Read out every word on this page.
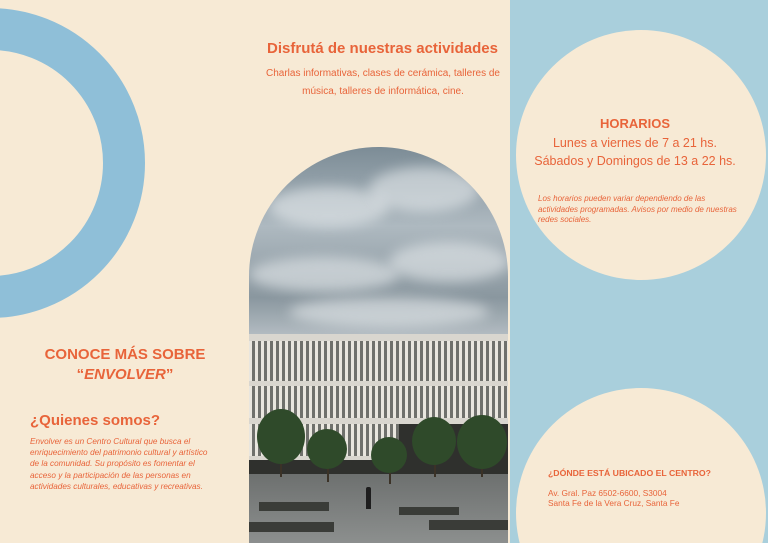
CONOCE MÁS SOBRE
“ENVOLVER”
¿Quienes somos?
Envolver es un Centro Cultural que busca el enriquecimiento del patrimonio cultural y artístico de la comunidad. Su propósito es fomentar el acceso y la participación de las personas en actividades culturales, educativas y recreativas.
Disfrutá de nuestras actividades
Charlas informativas, clases de cerámica, talleres de música, talleres de informática, cine.
HORARIOS
Lunes a viernes de 7 a 21 hs.
Sábados y Domingos de 13 a 22 hs.
Los horarios pueden variar dependiendo de las actividades programadas. Avisos por medio de nuestras redes sociales.
¿DÓNDE ESTÁ UBICADO EL CENTRO?
Av. Gral. Paz 6502-6600, S3004
Santa Fe de la Vera Cruz, Santa Fe
